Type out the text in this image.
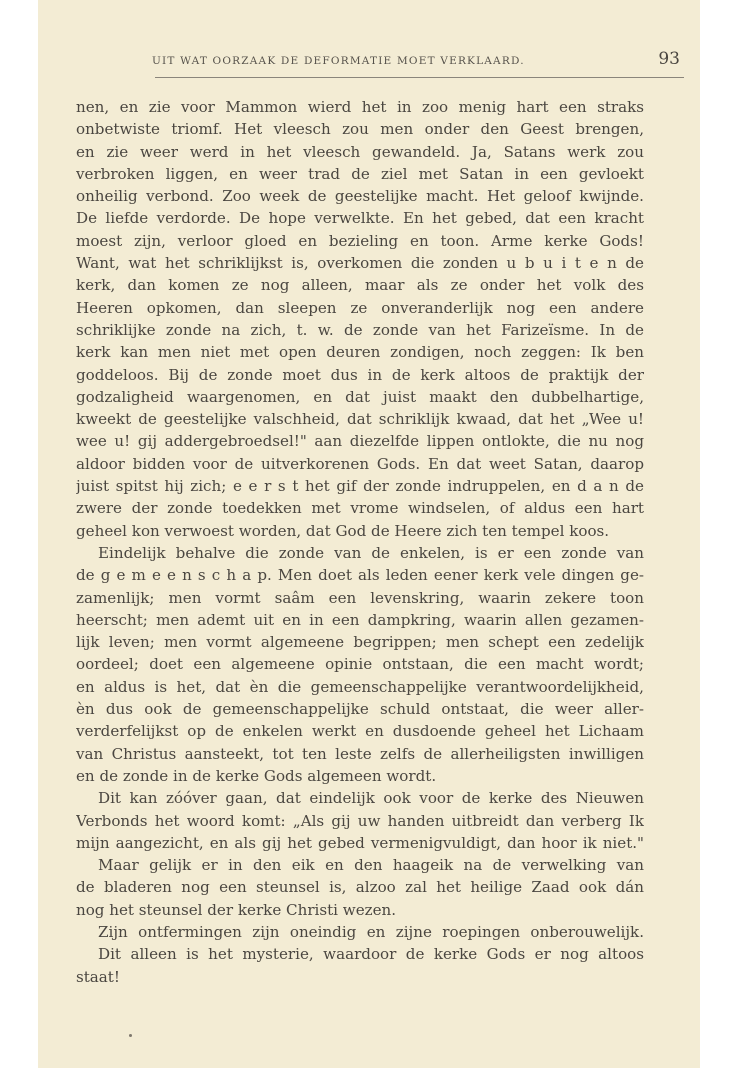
UIT WAT OORZAAK DE DEFORMATIE MOET VERKLAARD.	93
nen, en zie voor Mammon wierd het in zoo menig hart een straks
onbetwiste triomf. Het vleesch zou men onder den Geest brengen,
en zie weer werd in het vleesch gewandeld. Ja, Satans werk zou
verbroken liggen, en weer trad de ziel met Satan in een gevloekt
onheilig verbond. Zoo week de geestelijke macht. Het geloof kwijnde.
De liefde verdorde. De hope verwelkte. En het gebed, dat een kracht
moest zijn, verloor gloed en bezieling en toon. Arme kerke Gods!
Want, wat het schriklijkst is, overkomen die zonden u b u i t e n de
kerk, dan komen ze nog alleen, maar als ze onder het volk des
Heeren opkomen, dan sleepen ze onveranderlijk nog een andere
schriklijke zonde na zich, t. w. de zonde van het Farizeïsme. In de
kerk kan men niet met open deuren zondigen, noch zeggen: Ik ben
goddeloos. Bij de zonde moet dus in de kerk altoos de praktijk der
godzaligheid waargenomen, en dat juist maakt den dubbelhartige,
kweekt de geestelijke valschheid, dat schriklijk kwaad, dat het „Wee u!
wee u! gij addergebroedsel!" aan diezelfde lippen ontlokte, die nu nog
aldoor bidden voor de uitverkorenen Gods. En dat weet Satan, daarop
juist spitst hij zich; e e r s t het gif der zonde indruppelen, en d a n de
zwere der zonde toedekken met vrome windselen, of aldus een hart
geheel kon verwoest worden, dat God de Heere zich ten tempel koos.
Eindelijk behalve die zonde van de enkelen, is er een zonde van
de g e m e e n s c h a p. Men doet als leden eener kerk vele dingen ge-
zamenlijk; men vormt saâm een levenskring, waarin zekere toon
heerscht; men ademt uit en in een dampkring, waarin allen gezamen-
lijk leven; men vormt algemeene begrippen; men schept een zedelijk
oordeel; doet een algemeene opinie ontstaan, die een macht wordt;
en aldus is het, dat èn die gemeenschappelijke verantwoordelijkheid,
èn dus ook de gemeenschappelijke schuld ontstaat, die weer aller-
verderfelijkst op de enkelen werkt en dusdoende geheel het Lichaam
van Christus aansteekt, tot ten leste zelfs de allerheiligsten inwilligen
en de zonde in de kerke Gods algemeen wordt.
Dit kan zóóver gaan, dat eindelijk ook voor de kerke des Nieuwen
Verbonds het woord komt: „Als gij uw handen uitbreidt dan verberg Ik
mijn aangezicht, en als gij het gebed vermenigvuldigt, dan hoor ik niet."
Maar gelijk er in den eik en den haageik na de verwelking van
de bladeren nog een steunsel is, alzoo zal het heilige Zaad ook dán
nog het steunsel der kerke Christi wezen.
Zijn ontfermingen zijn oneindig en zijne roepingen onberouwelijk.
Dit alleen is het mysterie, waardoor de kerke Gods er nog altoos
staat!
